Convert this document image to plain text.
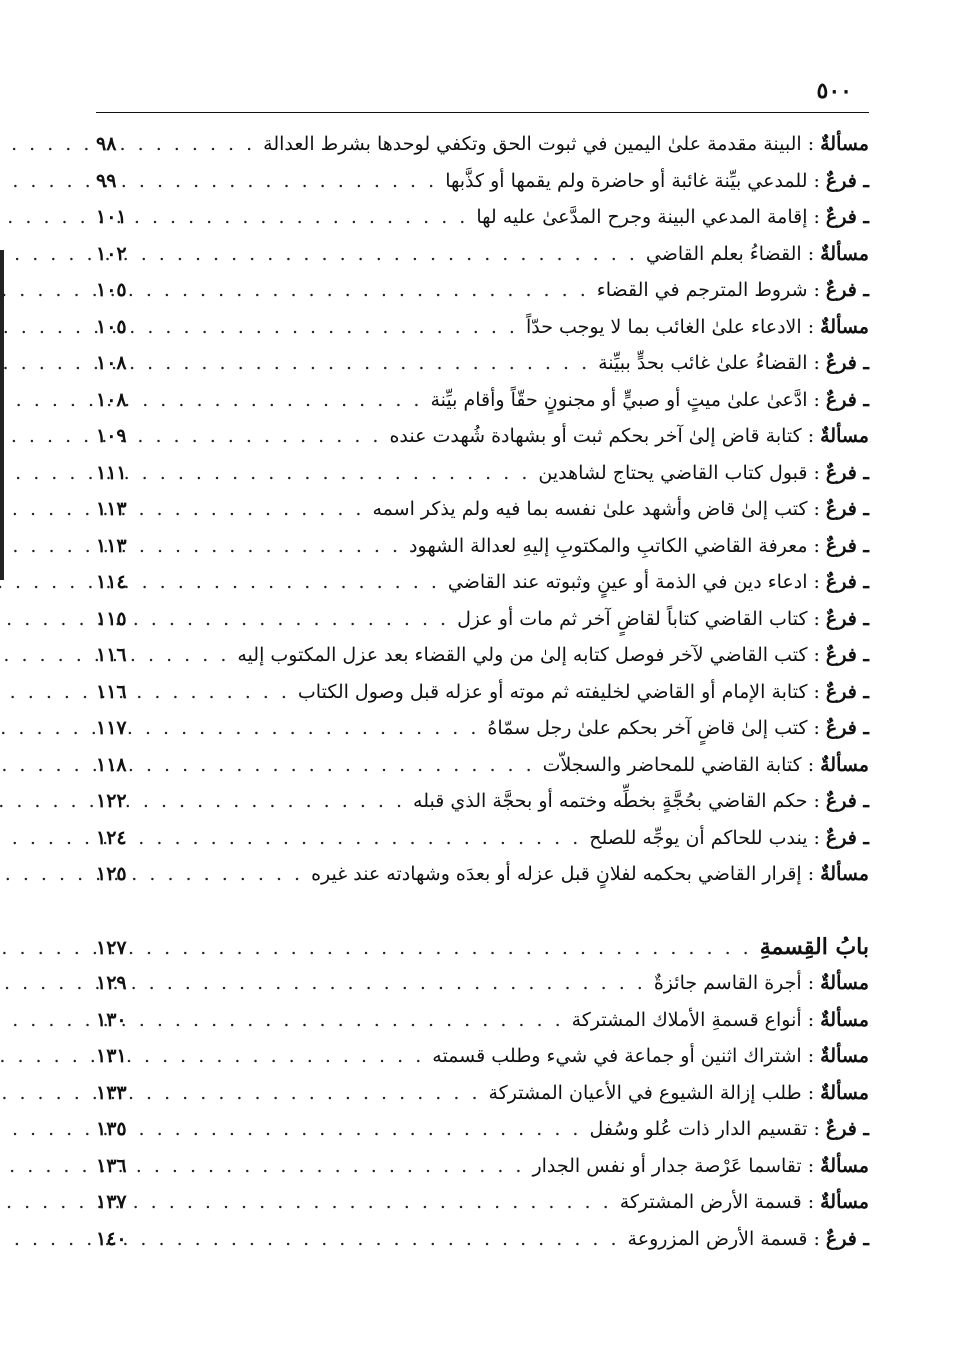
٥٠٠
مسألةٌ
:
البينة مقدمة علىٰ اليمين في ثبوت الحق وتكفي لوحدها بشرط العدالة
. . .
٩٨
ـ فرعٌ
:
للمدعي بيِّنة غائبة أو حاضرة ولم يقمها أو كذَّبها
. . .
٩٩
ـ فرعٌ
:
إقامة المدعي البينة وجرح المدَّعىٰ عليه لها
. . .
١٠١
مسألةٌ
:
القضاءُ بعلم القاضي
. . .
١٠٢
ـ فرعٌ
:
شروط المترجم في القضاء
. . .
١٠٥
مسألةٌ
:
الادعاء علىٰ الغائب بما لا يوجب حدّاً
. . .
١٠٥
ـ فرعٌ
:
القضاءُ علىٰ غائب بحدٍّ ببيِّنة
. . .
١٠٨
ـ فرعٌ
:
ادَّعىٰ علىٰ ميتٍ أو صبيٍّ أو مجنونٍ حقّاً وأقام بيِّنة
. . .
١٠٨
مسألةٌ
:
كتابة قاض إلىٰ آخر بحكم ثبت أو بشهادة شُهدت عنده
. . .
١٠٩
ـ فرعٌ
:
قبول كتاب القاضي يحتاج لشاهدين
. . .
١١١
ـ فرعٌ
:
كتب إلىٰ قاض وأشهد علىٰ نفسه بما فيه ولم يذكر اسمه
. . .
١١٣
ـ فرعٌ
:
معرفة القاضي الكاتبِ والمكتوبِ إليهِ لعدالة الشهود
. . .
١١٣
ـ فرعٌ
:
ادعاء دين في الذمة أو عينٍ وثبوته عند القاضي
. . .
١١٤
ـ فرعٌ
:
كتاب القاضي كتاباً لقاضٍ آخر ثم مات أو عزل
. . .
١١٥
ـ فرعٌ
:
كتب القاضي لآخر فوصل كتابه إلىٰ من ولي القضاء بعد عزل المكتوب إليه
. . .
١١٦
ـ فرعٌ
:
كتابة الإمام أو القاضي لخليفته ثم موته أو عزله قبل وصول الكتاب
. . .
١١٦
ـ فرعٌ
:
كتب إلىٰ قاضٍ آخر بحكم علىٰ رجل سمّاهُ
. . .
١١٧
مسألةٌ
:
كتابة القاضي للمحاضر والسجلاّت
. . .
١١٨
ـ فرعٌ
:
حكم القاضي بحُجَّةٍ بخطِّه وختمه أو بحجَّة الذي قبله
. . .
١٢٢
ـ فرعٌ
:
يندب للحاكم أن يوجِّه للصلح
. . .
١٢٤
مسألةٌ
:
إقرار القاضي بحكمه لفلانٍ قبل عزله أو بعدَه وشهادته عند غيره
. . .
١٢٥
بابُ القِسمةِ
. . .
١٢٧
مسألةٌ
:
أجرة القاسم جائزةٌ
. . .
١٢٩
مسألةٌ
:
أنواع قسمةِ الأملاك المشتركة
. . .
١٣٠
مسألةٌ
:
اشتراك اثنين أو جماعة في شيء وطلب قسمته
. . .
١٣١
مسألةٌ
:
طلب إزالة الشيوع في الأعيان المشتركة
. . .
١٣٣
ـ فرعٌ
:
تقسيم الدار ذات عُلو وسُفل
. . .
١٣٥
مسألةٌ
:
تقاسما عَرْصة جدار أو نفس الجدار
. . .
١٣٦
مسألةٌ
:
قسمة الأرض المشتركة
. . .
١٣٧
ـ فرعٌ
:
قسمة الأرض المزروعة
. . .
١٤٠
